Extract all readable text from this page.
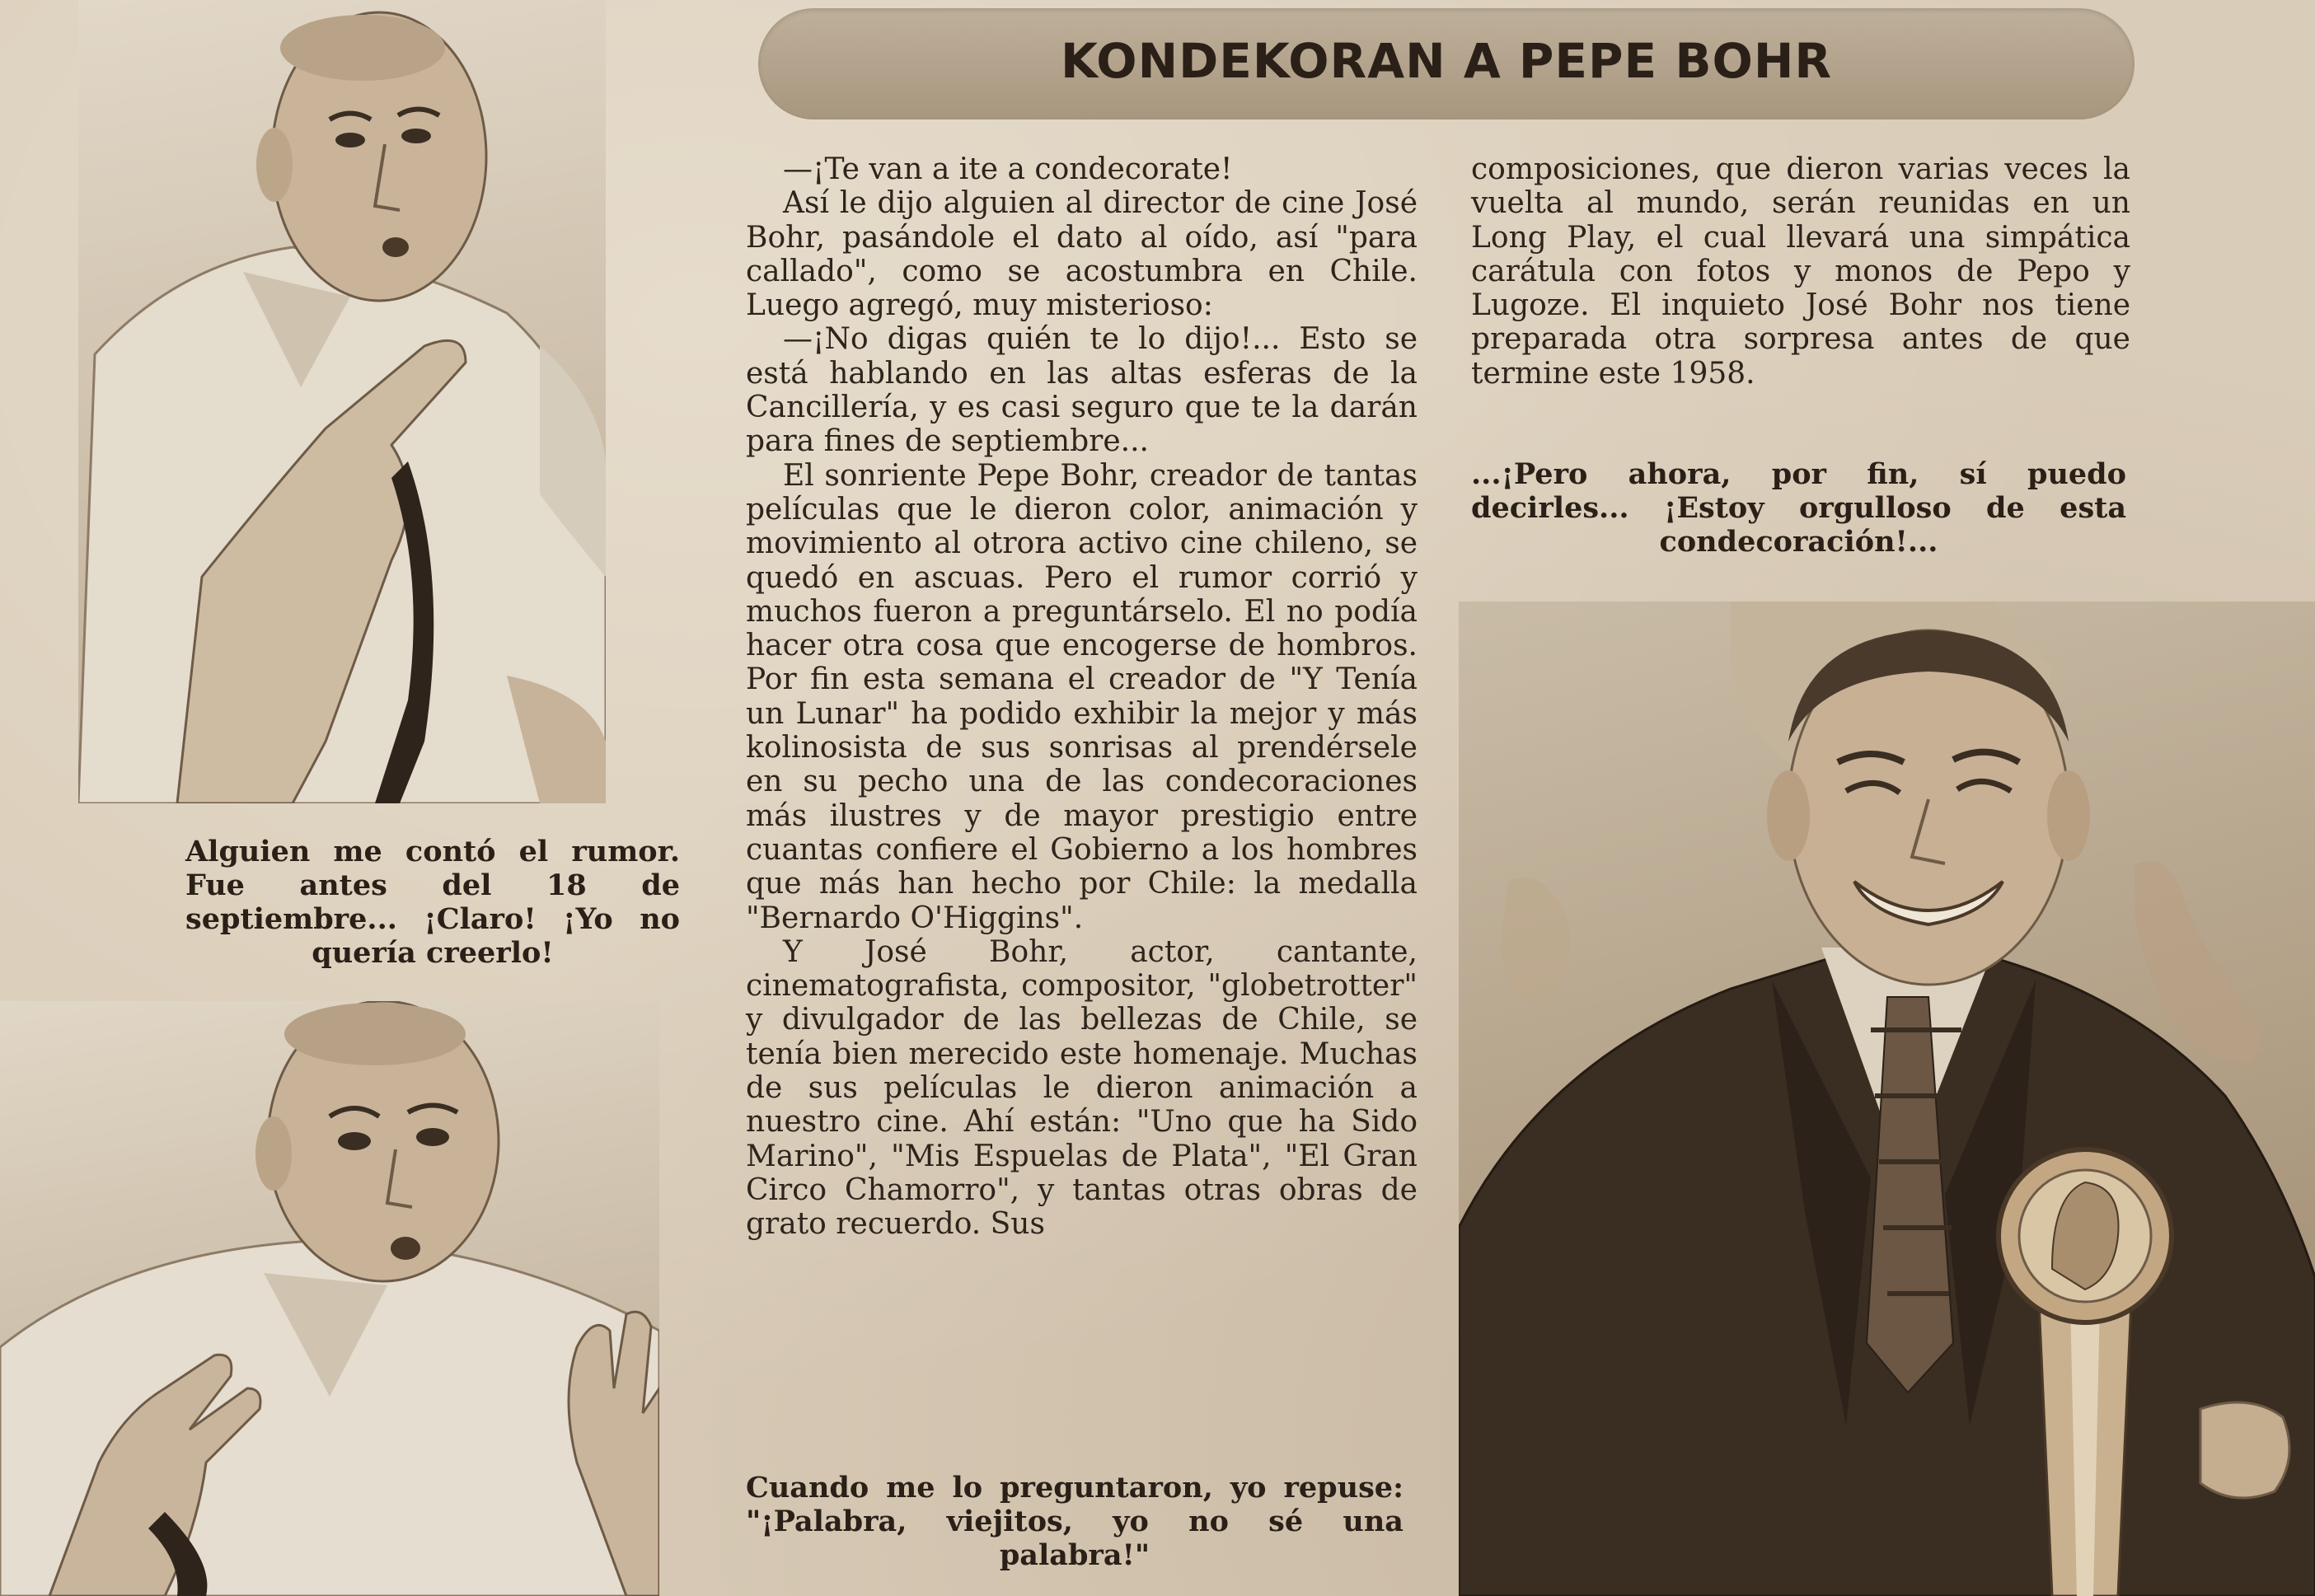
KONDEKORAN A PEPE BOHR

—¡Te van a ite a condecorate!

Así le dijo alguien al director de cine José Bohr, pasándole el dato al oído, así "para callado", como se acostumbra en Chile. Luego agregó, muy misterioso:

—¡No digas quién te lo dijo!... Esto se está hablando en las altas esferas de la Cancillería, y es casi seguro que te la darán para fines de septiembre...

El sonriente Pepe Bohr, creador de tantas películas que le dieron color, animación y movimiento al otrora activo cine chileno, se quedó en ascuas. Pero el rumor corrió y muchos fueron a preguntárselo. El no podía hacer otra cosa que encogerse de hombros. Por fin esta semana el creador de "Y Tenía un Lunar" ha podido exhibir la mejor y más kolinosista de sus sonrisas al prendérsele en su pecho una de las condecoraciones más ilustres y de mayor prestigio entre cuantas confiere el Gobierno a los hombres que más han hecho por Chile: la medalla "Bernardo O'Higgins".

Y José Bohr, actor, cantante, cinematografista, compositor, "globetrotter" y divulgador de las bellezas de Chile, se tenía bien merecido este homenaje. Muchas de sus películas le dieron animación a nuestro cine. Ahí están: "Uno que ha Sido Marino", "Mis Espuelas de Plata", "El Gran Circo Chamorro", y tantas otras obras de grato recuerdo. Sus

composiciones, que dieron varias veces la vuelta al mundo, serán reunidas en un Long Play, el cual llevará una simpática carátula con fotos y monos de Pepo y Lugoze. El inquieto José Bohr nos tiene preparada otra sorpresa antes de que termine este 1958.

Alguien me contó el rumor. Fue antes del 18 de septiembre... ¡Claro! ¡Yo no quería creerlo!
Cuando me lo preguntaron, yo repuse: "¡Palabra, viejitos, yo no sé una palabra!"
...¡Pero ahora, por fin, sí puedo decirles... ¡Estoy orgulloso de esta condecoración!...
